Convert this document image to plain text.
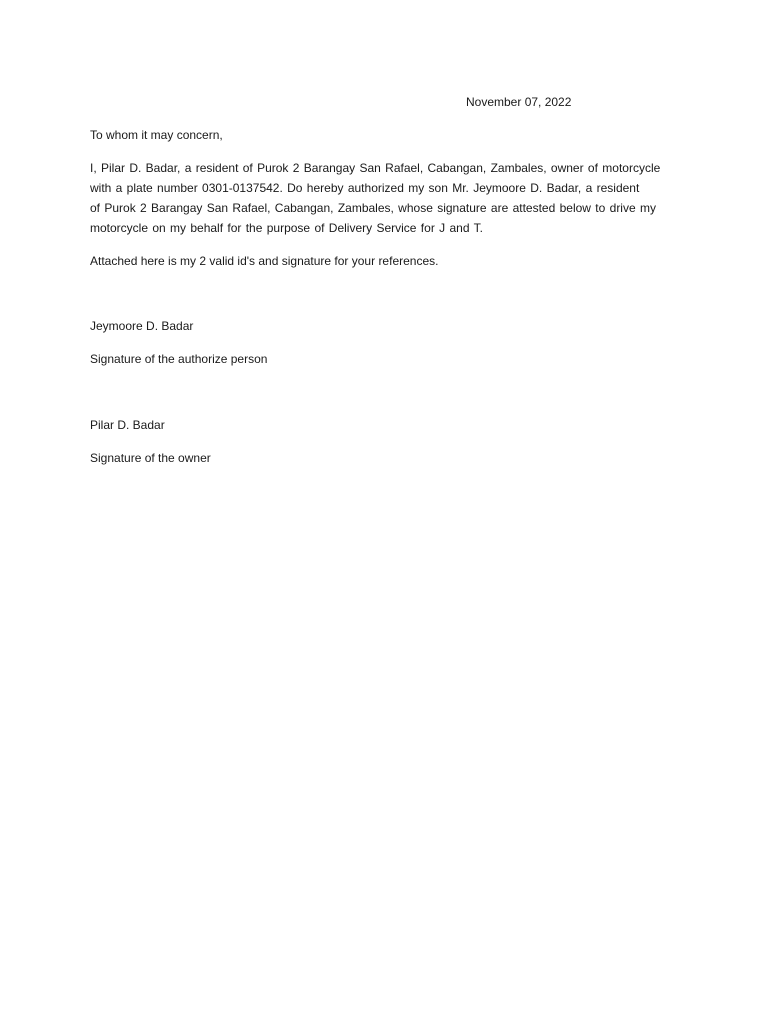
November 07, 2022
To whom it may concern,
I, Pilar D. Badar, a resident of Purok 2 Barangay San Rafael, Cabangan, Zambales, owner of motorcycle
with a plate number 0301-0137542. Do hereby authorized my son Mr. Jeymoore D. Badar, a resident
of Purok 2 Barangay San Rafael, Cabangan, Zambales, whose signature are attested below to drive my
motorcycle on my behalf for the purpose of Delivery Service for J and T.
Attached here is my 2 valid id's and signature for your references.
Jeymoore D. Badar
Signature of the authorize person
Pilar D. Badar
Signature of the owner
